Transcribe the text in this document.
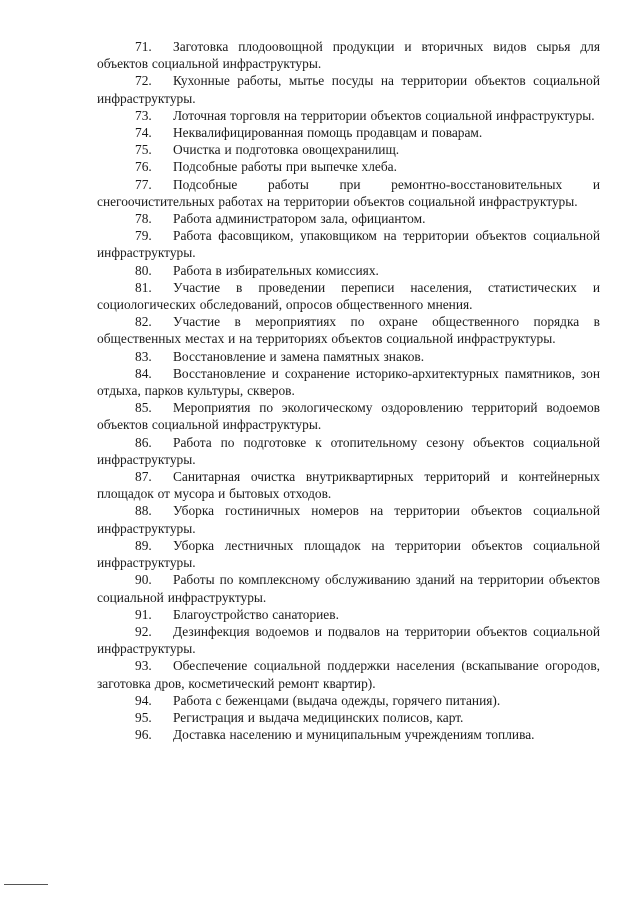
71. Заготовка плодоовощной продукции и вторичных видов сырья для объектов социальной инфраструктуры.
72. Кухонные работы, мытье посуды на территории объектов социальной инфраструктуры.
73. Лоточная торговля на территории объектов социальной инфраструктуры.
74. Неквалифицированная помощь продавцам и поварам.
75. Очистка и подготовка овощехранилищ.
76. Подсобные работы при выпечке хлеба.
77. Подсобные работы при ремонтно-восстановительных и снегоочистительных работах на территории объектов социальной инфраструктуры.
78. Работа администратором зала, официантом.
79. Работа фасовщиком, упаковщиком на территории объектов социальной инфраструктуры.
80. Работа в избирательных комиссиях.
81. Участие в проведении переписи населения, статистических и социологических обследований, опросов общественного мнения.
82. Участие в мероприятиях по охране общественного порядка в общественных местах и на территориях объектов социальной инфраструктуры.
83. Восстановление и замена памятных знаков.
84. Восстановление и сохранение историко-архитектурных памятников, зон отдыха, парков культуры, скверов.
85. Мероприятия по экологическому оздоровлению территорий водоемов объектов социальной инфраструктуры.
86. Работа по подготовке к отопительному сезону объектов социальной инфраструктуры.
87. Санитарная очистка внутриквартирных территорий и контейнерных площадок от мусора и бытовых отходов.
88. Уборка гостиничных номеров на территории объектов социальной инфраструктуры.
89. Уборка лестничных площадок на территории объектов социальной инфраструктуры.
90. Работы по комплексному обслуживанию зданий на территории объектов социальной инфраструктуры.
91. Благоустройство санаториев.
92. Дезинфекция водоемов и подвалов на территории объектов социальной инфраструктуры.
93. Обеспечение социальной поддержки населения (вскапывание огородов, заготовка дров, косметический ремонт квартир).
94. Работа с беженцами (выдача одежды, горячего питания).
95. Регистрация и выдача медицинских полисов, карт.
96. Доставка населению и муниципальным учреждениям топлива.
